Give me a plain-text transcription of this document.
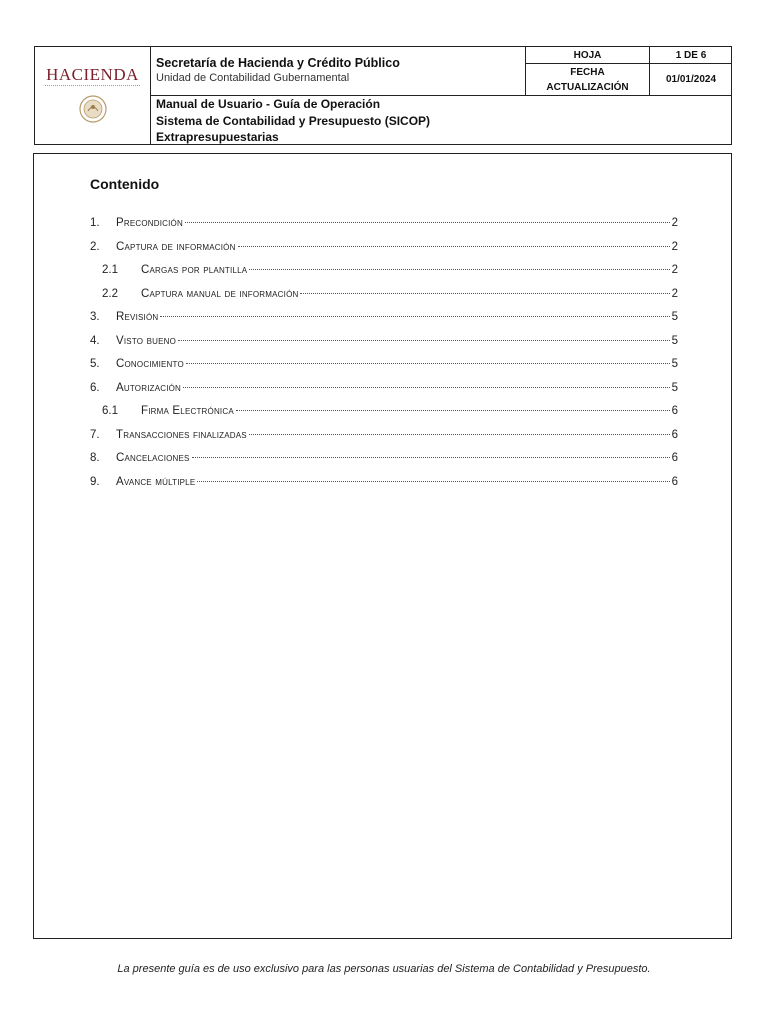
HACIENDA
Secretaría de Hacienda y Crédito Público
Unidad de Contabilidad Gubernamental
Manual de Usuario - Guía de Operación
Sistema de Contabilidad y Presupuesto (SICOP)
Extrapresupuestarias
HOJA	1 DE 6
FECHA
ACTUALIZACIÓN
01/01/2024
Contenido
1.	Precondición	2
2.	Captura de información	2
2.1	Cargas por plantilla	2
2.2	Captura manual de información	2
3.	Revisión	5
4.	Visto bueno	5
5.	Conocimiento	5
6.	Autorización	5
6.1	Firma Electrónica	6
7.	Transacciones finalizadas	6
8.	Cancelaciones	6
9.	Avance múltiple	6
La presente guía es de uso exclusivo para las personas usuarias del Sistema de Contabilidad y Presupuesto.
